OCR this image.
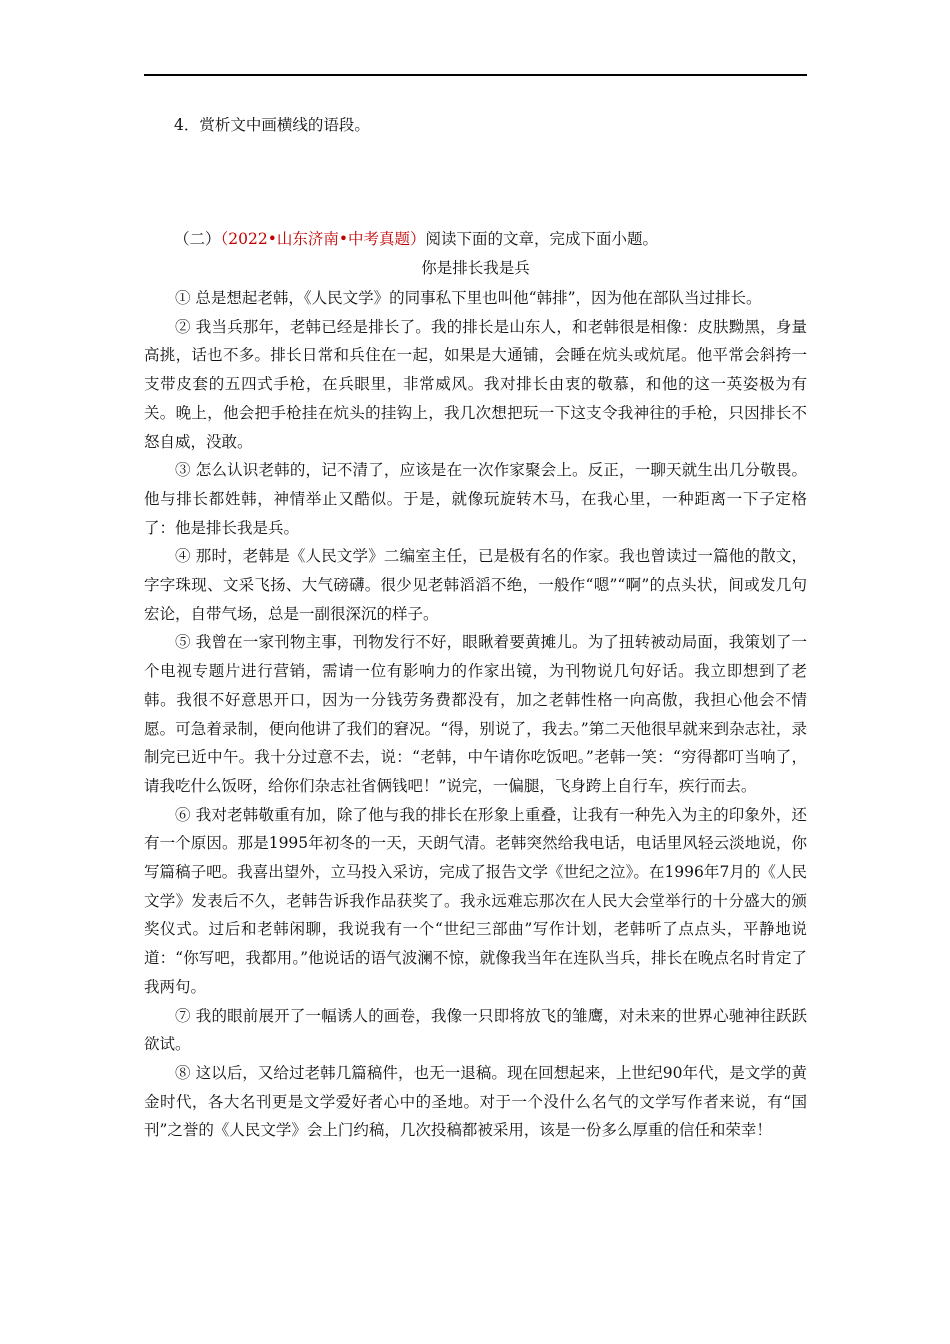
4．赏析文中画横线的语段。
（二）（2022•山东济南•中考真题）阅读下面的文章，完成下面小题。
你是排长我是兵

① 总是想起老韩，《人民文学》的同事私下里也叫他“韩排”，因为他在部队当过排长。

② 我当兵那年，老韩已经是排长了。我的排长是山东人，和老韩很是相像：皮肤黝黑，身量高挑，话也不多。排长日常和兵住在一起，如果是大通铺，会睡在炕头或炕尾。他平常会斜挎一支带皮套的五四式手枪，在兵眼里，非常威风。我对排长由衷的敬慕，和他的这一英姿极为有关。晚上，他会把手枪挂在炕头的挂钩上，我几次想把玩一下这支令我神往的手枪，只因排长不怒自威，没敢。

③ 怎么认识老韩的，记不清了，应该是在一次作家聚会上。反正，一聊天就生出几分敬畏。他与排长都姓韩，神情举止又酷似。于是，就像玩旋转木马，在我心里，一种距离一下子定格了：他是排长我是兵。

④ 那时，老韩是《人民文学》二编室主任，已是极有名的作家。我也曾读过一篇他的散文，字字珠现、文采飞扬、大气磅礴。很少见老韩滔滔不绝，一般作“嗯”“啊”的点头状，间或发几句宏论，自带气场，总是一副很深沉的样子。

⑤ 我曾在一家刊物主事，刊物发行不好，眼瞅着要黄摊儿。为了扭转被动局面，我策划了一个电视专题片进行营销，需请一位有影响力的作家出镜，为刊物说几句好话。我立即想到了老韩。我很不好意思开口，因为一分钱劳务费都没有，加之老韩性格一向高傲，我担心他会不情愿。可急着录制，便向他讲了我们的窘况。“得，别说了，我去。”第二天他很早就来到杂志社，录制完已近中午。我十分过意不去，说：“老韩，中午请你吃饭吧。”老韩一笑：“穷得都叮当响了，请我吃什么饭呀，给你们杂志社省俩钱吧！”说完，一偏腿，飞身跨上自行车，疾行而去。

⑥ 我对老韩敬重有加，除了他与我的排长在形象上重叠，让我有一种先入为主的印象外，还有一个原因。那是1995年初冬的一天，天朗气清。老韩突然给我电话，电话里风轻云淡地说，你写篇稿子吧。我喜出望外，立马投入采访，完成了报告文学《世纪之泣》。在1996年7月的《人民文学》发表后不久，老韩告诉我作品获奖了。我永远难忘那次在人民大会堂举行的十分盛大的颁奖仪式。过后和老韩闲聊，我说我有一个“世纪三部曲”写作计划，老韩听了点点头，平静地说道：“你写吧，我都用。”他说话的语气波澜不惊，就像我当年在连队当兵，排长在晚点名时肯定了我两句。

⑦ 我的眼前展开了一幅诱人的画卷，我像一只即将放飞的雏鹰，对未来的世界心驰神往跃跃欲试。

⑧ 这以后，又给过老韩几篇稿件，也无一退稿。现在回想起来，上世纪90年代，是文学的黄金时代，各大名刊更是文学爱好者心中的圣地。对于一个没什么名气的文学写作者来说，有“国刊”之誉的《人民文学》会上门约稿，几次投稿都被采用，该是一份多么厚重的信任和荣幸！
